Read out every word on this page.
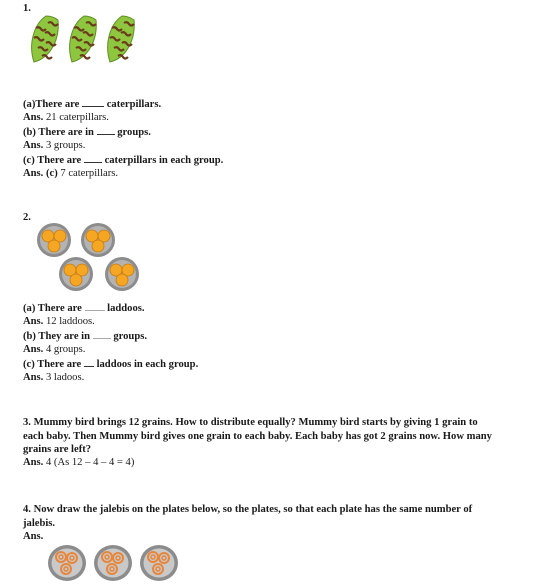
1.
(a)There are	caterpillars.
Ans. 21 caterpillars.
(b) There are in groups.
Ans. 3 groups.
(c) There are caterpillars in each group.
Ans. (c) 7 caterpillars.
2.
(a) There are laddoos.
Ans. 12 laddoos.
(b) They are in groups.
Ans. 4 groups.
(c) There are laddoos in each group.
Ans. 3 ladoos.
3. Mummy bird brings 12 grains. How to distribute equally? Mummy bird starts by giving 1 grain to each baby. Then Mummy bird gives one grain to each baby. Each baby has got 2 grains now. How many grains are left?
Ans. 4 (As 12 – 4 – 4 = 4)
4. Now draw the jalebis on the plates below, so the plates, so that each plate has the same number of jalebis.
Ans.
